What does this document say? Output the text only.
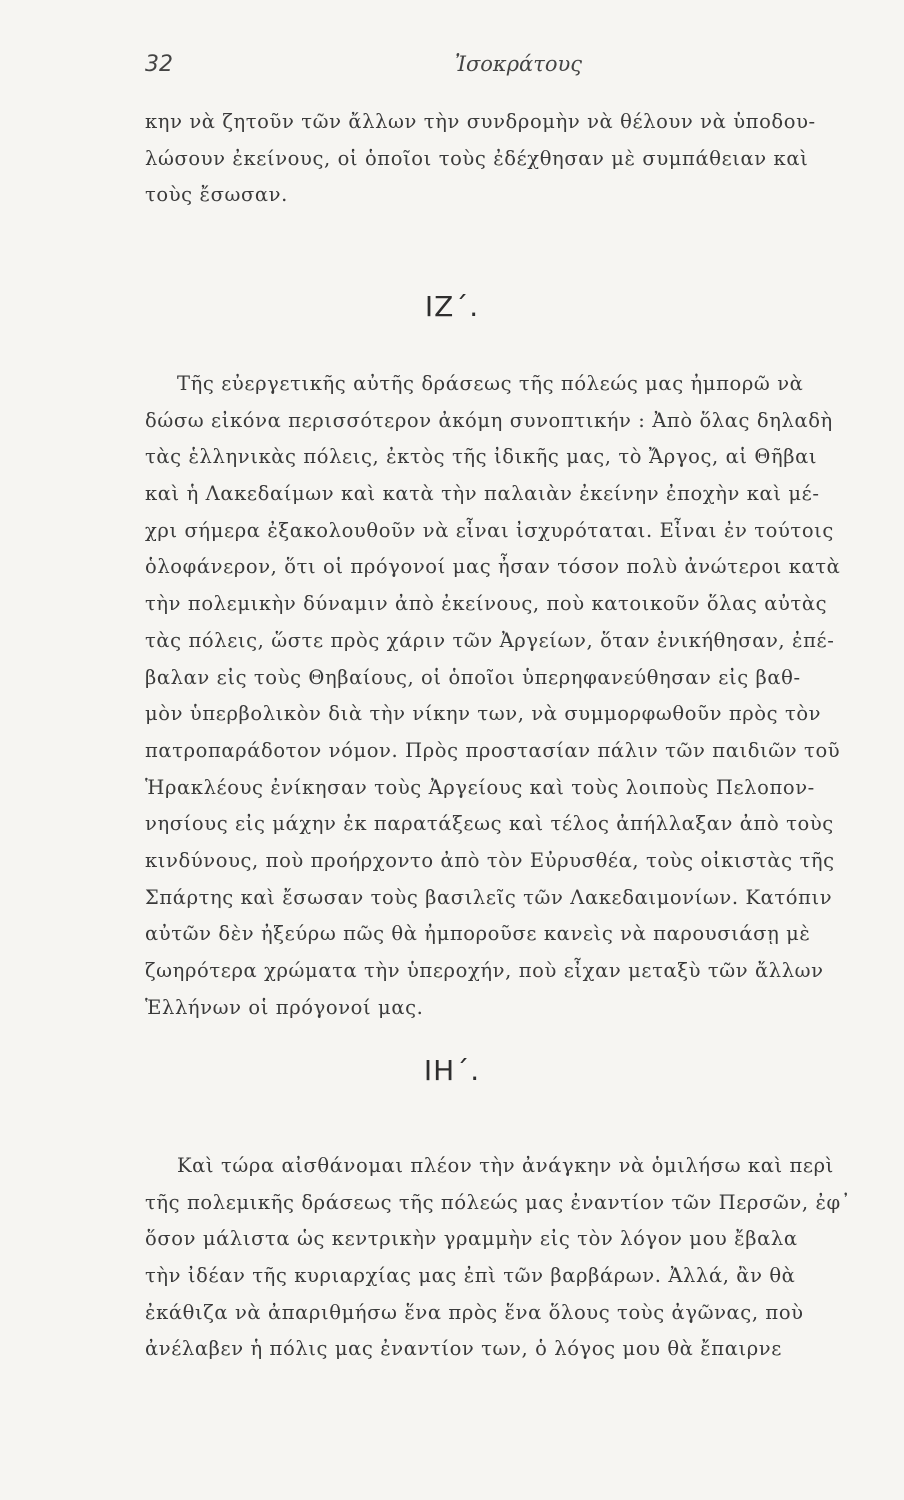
32	Ἰσοκράτους
κην νὰ ζητοῦν τῶν ἄλλων τὴν συνδρομὴν νὰ θέλουν νὰ ὑποδου-
λώσουν ἐκείνους, οἱ ὁποῖοι τοὺς ἐδέχθησαν μὲ συμπάθειαν καὶ
τοὺς ἔσωσαν.
ΙΖ΄.
Τῆς εὐεργετικῆς αὐτῆς δράσεως τῆς πόλεώς μας ἠμπορῶ νὰ
δώσω εἰκόνα περισσότερον ἀκόμη συνοπτικήν : Ἀπὸ ὅλας δηλαδὴ
τὰς ἑλληνικὰς πόλεις, ἐκτὸς τῆς ἰδικῆς μας, τὸ Ἄργος, αἱ Θῆβαι
καὶ ἡ Λακεδαίμων καὶ κατὰ τὴν παλαιὰν ἐκείνην ἐποχὴν καὶ μέ-
χρι σήμερα ἐξακολουθοῦν νὰ εἶναι ἰσχυρόταται. Εἶναι ἐν τούτοις
ὁλοφάνερον, ὅτι οἱ πρόγονοί μας ἦσαν τόσον πολὺ ἀνώτεροι κατὰ
τὴν πολεμικὴν δύναμιν ἀπὸ ἐκείνους, ποὺ κατοικοῦν ὅλας αὐτὰς
τὰς πόλεις, ὥστε πρὸς χάριν τῶν Ἀργείων, ὅταν ἐνικήθησαν, ἐπέ-
βαλαν εἰς τοὺς Θηβαίους, οἱ ὁποῖοι ὑπερηφανεύθησαν εἰς βαθ-
μὸν ὑπερβολικὸν διὰ τὴν νίκην των, νὰ συμμορφωθοῦν πρὸς τὸν
πατροπαράδοτον νόμον. Πρὸς προστασίαν πάλιν τῶν παιδιῶν τοῦ
Ἡρακλέους ἐνίκησαν τοὺς Ἀργείους καὶ τοὺς λοιποὺς Πελοπον-
νησίους εἰς μάχην ἐκ παρατάξεως καὶ τέλος ἀπήλλαξαν ἀπὸ τοὺς
κινδύνους, ποὺ προήρχοντο ἀπὸ τὸν Εὐρυσθέα, τοὺς οἰκιστὰς τῆς
Σπάρτης καὶ ἔσωσαν τοὺς βασιλεῖς τῶν Λακεδαιμονίων. Κατόπιν
αὐτῶν δὲν ἠξεύρω πῶς θὰ ἠμποροῦσε κανεὶς νὰ παρουσιάσῃ μὲ
ζωηρότερα χρώματα τὴν ὑπεροχήν, ποὺ εἶχαν μεταξὺ τῶν ἄλλων
Ἑλλήνων οἱ πρόγονοί μας.
ΙΗ΄.
Καὶ τώρα αἰσθάνομαι πλέον τὴν ἀνάγκην νὰ ὁμιλήσω καὶ περὶ
τῆς πολεμικῆς δράσεως τῆς πόλεώς μας ἐναντίον τῶν Περσῶν, ἐφ᾿
ὅσον μάλιστα ὡς κεντρικὴν γραμμὴν εἰς τὸν λόγον μου ἔβαλα
τὴν ἰδέαν τῆς κυριαρχίας μας ἐπὶ τῶν βαρβάρων. Ἀλλά, ἂν θὰ
ἐκάθιζα νὰ ἀπαριθμήσω ἕνα πρὸς ἕνα ὅλους τοὺς ἀγῶνας, ποὺ
ἀνέλαβεν ἡ πόλις μας ἐναντίον των, ὁ λόγος μου θὰ ἔπαιρνε
